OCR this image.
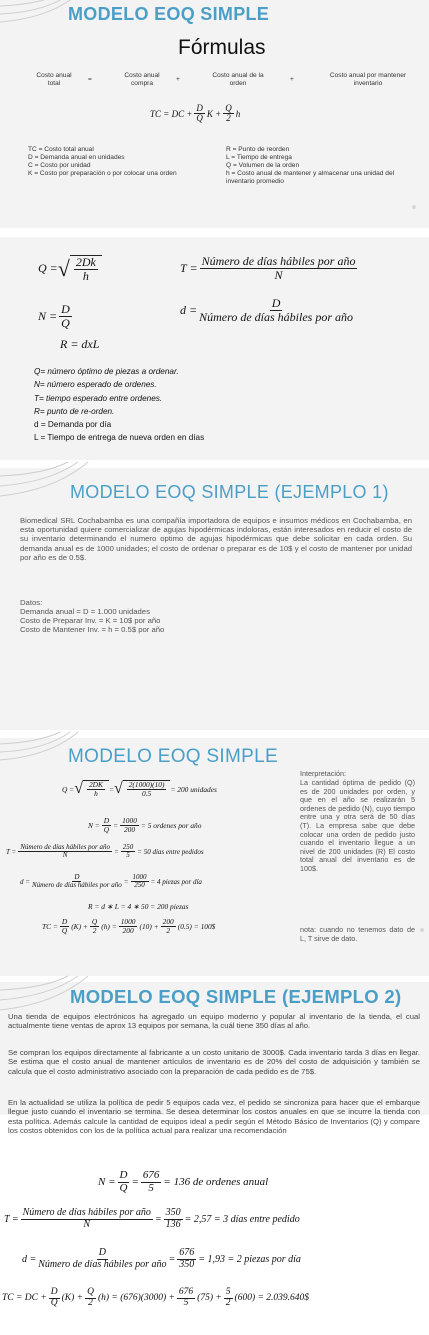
MODELO EOQ SIMPLE
Fórmulas
Costo anual
total
=
Costo anual
compra
+
Costo anual de la
orden
+
Costo anual por mantener
inventario
TC = DC + $\frac{D}{Q}$ $K + \frac{Q}{2}$ h
TC = Costo total anual
D = Demanda anual en unidades
C = Costo por unidad
K = Costo por preparación o por colocar una orden
R = Punto de reorden
L = Tiempo de entrega
Q = Volumen de la orden
h = Costo anual de mantener y almacenar una unidad del inventario promedio
Q = √ $\frac{2Dk}{h}$
$N = \frac{D}{Q}$
R = dxL
$T = \frac{\text{Número de días hábiles por año}}{N}$
$d = \frac{D}{\text{Número de días hábiles por año}}$
Q= número óptimo de piezas a ordenar.
N= número esperado de ordenes.
T= tiempo esperado entre ordenes.
R= punto de re-orden.
d = Demanda por día
L = Tiempo de entrega de nueva orden en días
MODELO EOQ SIMPLE (EJEMPLO 1)
Biomedical SRL Cochabamba es una compañía importadora de equipos e insumos médicos en Cochabamba, en esta oportunidad quiere comercializar de agujas hipodérmicas indoloras, están interesados en reducir el costo de su inventario determinando el numero optimo de agujas hipodérmicas que debe solicitar en cada orden. Su demanda anual es de 1000 unidades; el costo de ordenar o preparar es de 10$ y el costo de mantener por unidad por año es de 0.5$.
Datos:
Demanda anual = D = 1.000 unidades
Costo de Preparar Inv. = K = 10$ por año
Costo de Mantener Inv. = h = 0.5$ por año
MODELO EOQ SIMPLE
Q = √ $\frac{2DK}{h}$ = √ $\frac{2(1000)(10)}{0.5} = 200$ unidades
$N = \frac{D}{Q} = \frac{1000}{200} = 5$ ordenes por año
$T = \frac{\text{Número de días hábiles por año}}{N} = \frac{250}{5} = 50$ días entre pedidos
$d = \frac{D}{\text{Número de días hábiles por año}} = \frac{1000}{250} = 4$ piezas por día
R = d ∗ L = 4 ∗ 50 = 200 piezas
TC = $\frac{D}{Q} (K) + \frac{Q}{2} (h) = \frac{1000}{200} (10) + \frac{200}{2} (0.5)$ = 100$
Interpretación:
La cantidad óptima de pedido (Q) es de 200 unidades por orden, y que en el año se realizarán 5 ordenes de pedido (N), cuyo tiempo entre una y otra será de 50 días (T). La empresa sabe que debe colocar una orden de pedido justo cuando el inventario llegue a un nivel de 200 unidades (R) El costo total anual del inventario es de 100$.
nota: cuando no tenemos dato de L, T sirve de dato.
MODELO EOQ SIMPLE (EJEMPLO 2)
Una tienda de equipos electrónicos ha agregado un equipo moderno y popular al inventario de la tienda, el cual actualmente tiene ventas de aprox 13 equipos por semana, la cuál tiene 350 días al año.
Se compran los equipos directamente al fabricante a un costo unitario de 3000$. Cada inventario tarda 3 días en llegar. Se estima que el costo anual de mantener artículos de inventario es de 20% del costo de adquisición y también se calcula que el costo administrativo asociado con la preparación de cada pedido es de 75$.
En la actualidad se utiliza la política de pedir 5 equipos cada vez, el pedido se sincroniza para hacer que el embarque llegue justo cuando el inventario se termina. Se desea determinar los costos anuales en que se incurre la tienda con esta política. Además calcule la cantidad de equipos ideal a pedir según el Método Básico de Inventarios (Q) y compare los costos obtenidos con los de la política actual para realizar una recomendación
$N = \frac{D}{Q} = \frac{676}{5} = 136$ de ordenes anual
$T = \frac{\text{Número de días hábiles por año}}{N} = \frac{350}{136} = 2,57 = 3$ días entre pedido
$d = \frac{D}{\text{Número de días hábiles por año}} = \frac{676}{350} = 1,93 = 2$ piezas por día
TC = DC + $\frac{D}{Q} (K) + \frac{Q}{2} (h) = (676)(3000) + \frac{676}{5} (75) + \frac{5}{2} (600)$ = 2.039.640$
